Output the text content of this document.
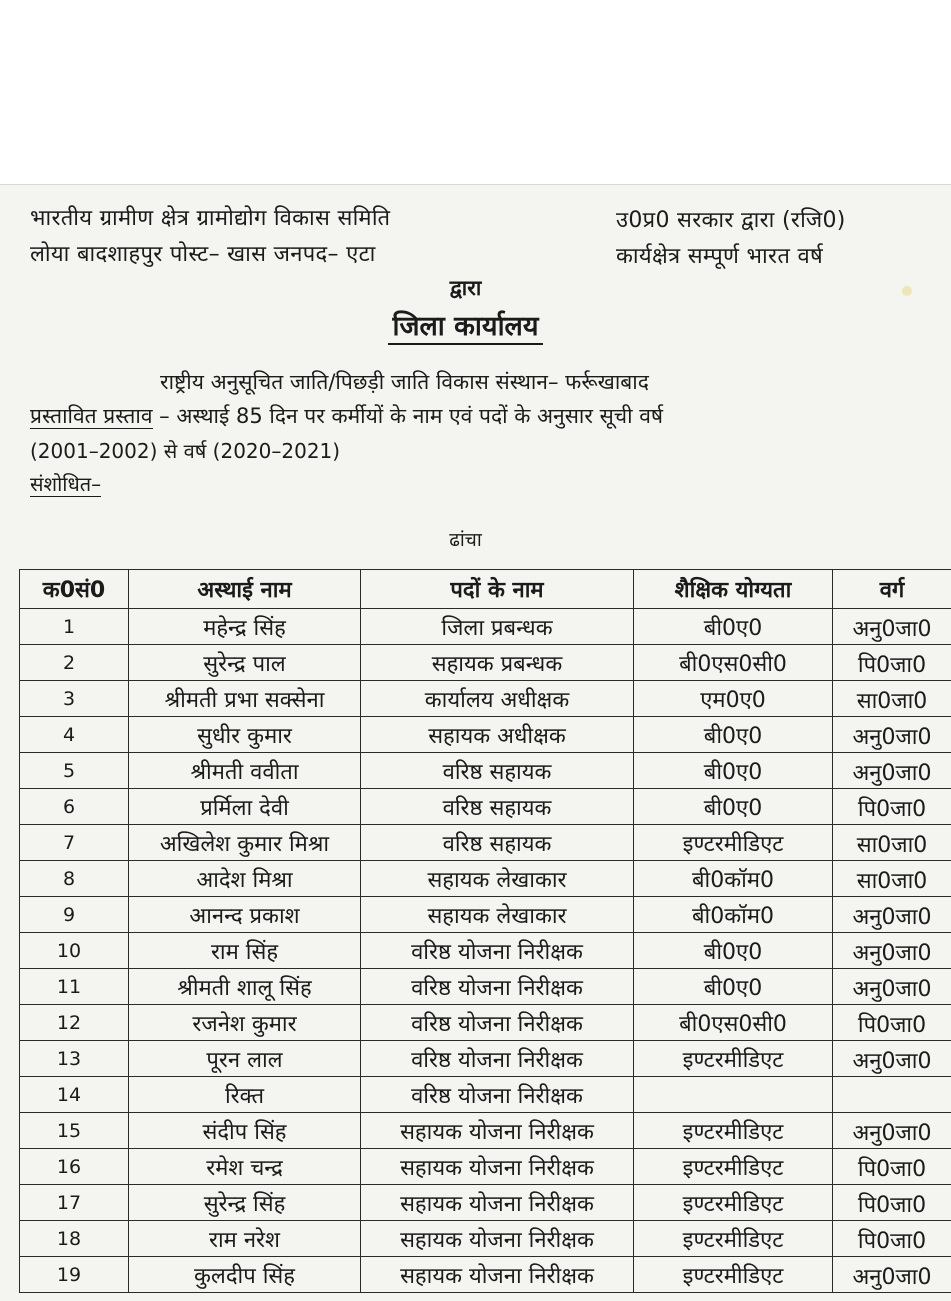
भारतीय ग्रामीण क्षेत्र ग्रामोद्योग विकास समिति
लोया बादशाहपुर पोस्ट– खास जनपद– एटा
उ0प्र0 सरकार द्वारा (रजि0)
कार्यक्षेत्र सम्पूर्ण भारत वर्ष
द्वारा
जिला कार्यालय
राष्ट्रीय अनुसूचित जाति/पिछड़ी जाति विकास संस्थान– फर्रूखाबाद
प्रस्तावित प्रस्ताव – अस्थाई 85 दिन पर कर्मीयों के नाम एवं पदों के अनुसार सूची वर्ष
(2001–2002) से वर्ष (2020–2021)
संशोधित–
ढांचा
क0सं0	अस्थाई नाम	पदों के नाम	शैक्षिक योग्यता	वर्ग
1	महेन्द्र सिंह	जिला प्रबन्धक	बी0ए0	अनु0जा0
2	सुरेन्द्र पाल	सहायक प्रबन्धक	बी0एस0सी0	पि0जा0
3	श्रीमती प्रभा सक्सेना	कार्यालय अधीक्षक	एम0ए0	सा0जा0
4	सुधीर कुमार	सहायक अधीक्षक	बी0ए0	अनु0जा0
5	श्रीमती ववीता	वरिष्ठ सहायक	बी0ए0	अनु0जा0
6	प्रर्मिला देवी	वरिष्ठ सहायक	बी0ए0	पि0जा0
7	अखिलेश कुमार मिश्रा	वरिष्ठ सहायक	इण्टरमीडिएट	सा0जा0
8	आदेश मिश्रा	सहायक लेखाकार	बी0कॉम0	सा0जा0
9	आनन्द प्रकाश	सहायक लेखाकार	बी0कॉम0	अनु0जा0
10	राम सिंह	वरिष्ठ योजना निरीक्षक	बी0ए0	अनु0जा0
11	श्रीमती शालू सिंह	वरिष्ठ योजना निरीक्षक	बी0ए0	अनु0जा0
12	रजनेश कुमार	वरिष्ठ योजना निरीक्षक	बी0एस0सी0	पि0जा0
13	पूरन लाल	वरिष्ठ योजना निरीक्षक	इण्टरमीडिएट	अनु0जा0
14	रिक्त	वरिष्ठ योजना निरीक्षक		
15	संदीप सिंह	सहायक योजना निरीक्षक	इण्टरमीडिएट	अनु0जा0
16	रमेश चन्द्र	सहायक योजना निरीक्षक	इण्टरमीडिएट	पि0जा0
17	सुरेन्द्र सिंह	सहायक योजना निरीक्षक	इण्टरमीडिएट	पि0जा0
18	राम नरेश	सहायक योजना निरीक्षक	इण्टरमीडिएट	पि0जा0
19	कुलदीप सिंह	सहायक योजना निरीक्षक	इण्टरमीडिएट	अनु0जा0
